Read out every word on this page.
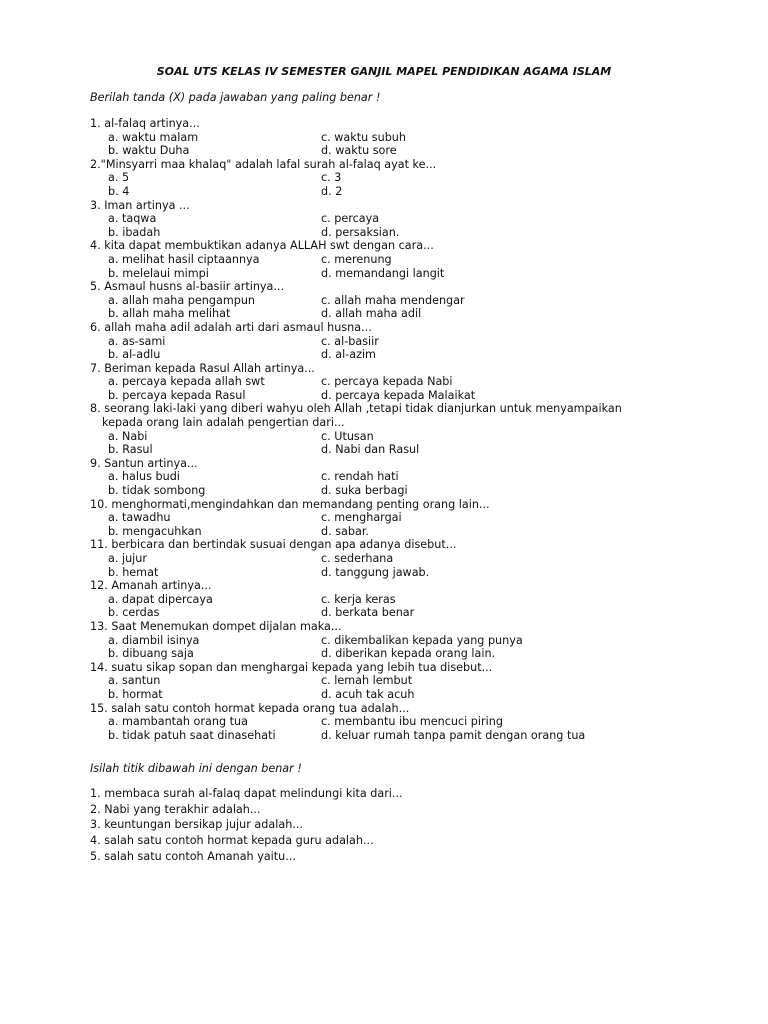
SOAL UTS KELAS IV SEMESTER GANJIL MAPEL PENDIDIKAN AGAMA ISLAM
Berilah tanda (X) pada jawaban yang paling benar !
1. al-falaq artinya...
a. waktu malam	c. waktu subuh
b. waktu Duha	d. waktu sore
2."Minsyarri maa khalaq" adalah lafal surah al-falaq ayat ke...
a. 5	c. 3
b. 4	d. 2
3. Iman artinya ...
a. taqwa	c. percaya
b. ibadah	d. persaksian.
4. kita dapat membuktikan adanya ALLAH swt dengan cara...
a. melihat hasil ciptaannya	c. merenung
b. melelaui mimpi	d. memandangi langit
5. Asmaul husns al-basiir artinya...
a. allah maha pengampun	c. allah maha mendengar
b. allah maha melihat	d. allah maha adil
6. allah maha adil adalah arti dari asmaul husna...
a. as-sami	c. al-basiir
b. al-adlu	d. al-azim
7. Beriman kepada Rasul Allah artinya...
a. percaya kepada allah swt	c. percaya kepada Nabi
b. percaya kepada Rasul	d. percaya kepada Malaikat
8. seorang laki-laki yang diberi wahyu oleh Allah ,tetapi tidak dianjurkan untuk menyampaikan
kepada orang lain adalah pengertian dari...
a. Nabi	c. Utusan
b. Rasul	d. Nabi dan Rasul
9. Santun artinya...
a. halus budi	c. rendah hati
b. tidak sombong	d. suka berbagi
10. menghormati,mengindahkan dan memandang penting orang lain...
a. tawadhu	c. menghargai
b. mengacuhkan	d. sabar.
11. berbicara dan bertindak susuai dengan apa adanya disebut...
a. jujur	c. sederhana
b. hemat	d. tanggung jawab.
12. Amanah artinya...
a. dapat dipercaya	c. kerja keras
b. cerdas	d. berkata benar
13. Saat Menemukan dompet dijalan maka...
a. diambil isinya	c. dikembalikan kepada yang punya
b. dibuang saja	d. diberikan kepada orang lain.
14. suatu sikap sopan dan menghargai kepada yang lebih tua disebut...
a. santun	c. lemah lembut
b. hormat	d. acuh tak acuh
15. salah satu contoh hormat kepada orang tua adalah...
a. mambantah orang tua	c. membantu ibu mencuci piring
b. tidak patuh saat dinasehati	d. keluar rumah tanpa pamit dengan orang tua
Isilah titik dibawah ini dengan benar !
1. membaca surah al-falaq dapat melindungi kita dari...
2. Nabi yang terakhir adalah...
3. keuntungan bersikap jujur adalah...
4. salah satu contoh hormat kepada guru adalah...
5. salah satu contoh Amanah yaitu...
